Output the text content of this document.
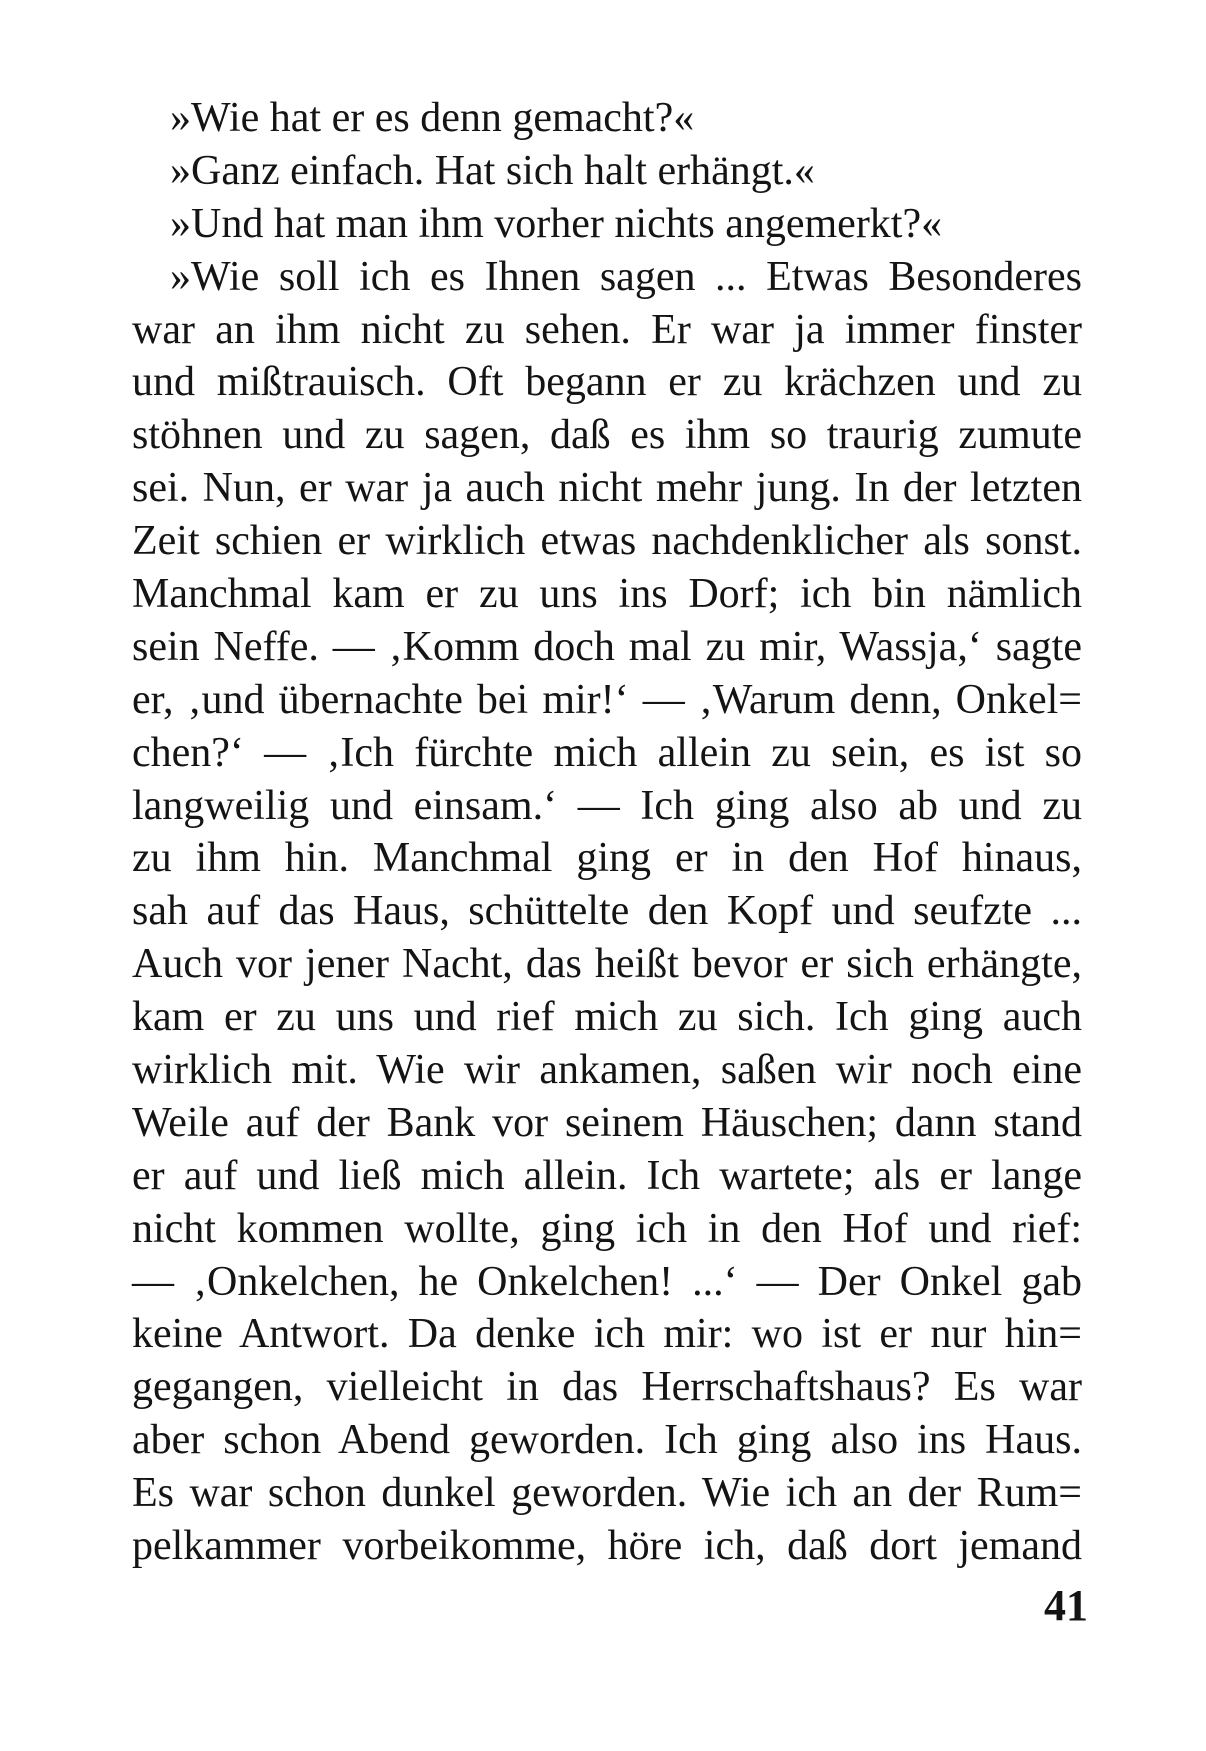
»Wie hat er es denn gemacht?«
»Ganz einfach. Hat sich halt erhängt.«
»Und hat man ihm vorher nichts angemerkt?«
»Wie soll ich es Ihnen sagen ... Etwas Besonderes
war an ihm nicht zu sehen. Er war ja immer finster
und mißtrauisch. Oft begann er zu krächzen und zu
stöhnen und zu sagen, daß es ihm so traurig zumute
sei. Nun, er war ja auch nicht mehr jung. In der letzten
Zeit schien er wirklich etwas nachdenklicher als sonst.
Manchmal kam er zu uns ins Dorf; ich bin nämlich
sein Neffe. — ‚Komm doch mal zu mir, Wassja,‘ sagte
er, ‚und übernachte bei mir!‘ — ‚Warum denn, Onkel=
chen?‘ — ‚Ich fürchte mich allein zu sein, es ist so
langweilig und einsam.‘ — Ich ging also ab und zu
zu ihm hin. Manchmal ging er in den Hof hinaus,
sah auf das Haus, schüttelte den Kopf und seufzte ...
Auch vor jener Nacht, das heißt bevor er sich erhängte,
kam er zu uns und rief mich zu sich. Ich ging auch
wirklich mit. Wie wir ankamen, saßen wir noch eine
Weile auf der Bank vor seinem Häuschen; dann stand
er auf und ließ mich allein. Ich wartete; als er lange
nicht kommen wollte, ging ich in den Hof und rief:
— ‚Onkelchen, he Onkelchen! ...‘ — Der Onkel gab
keine Antwort. Da denke ich mir: wo ist er nur hin=
gegangen, vielleicht in das Herrschaftshaus? Es war
aber schon Abend geworden. Ich ging also ins Haus.
Es war schon dunkel geworden. Wie ich an der Rum=
pelkammer vorbeikomme, höre ich, daß dort jemand
41
